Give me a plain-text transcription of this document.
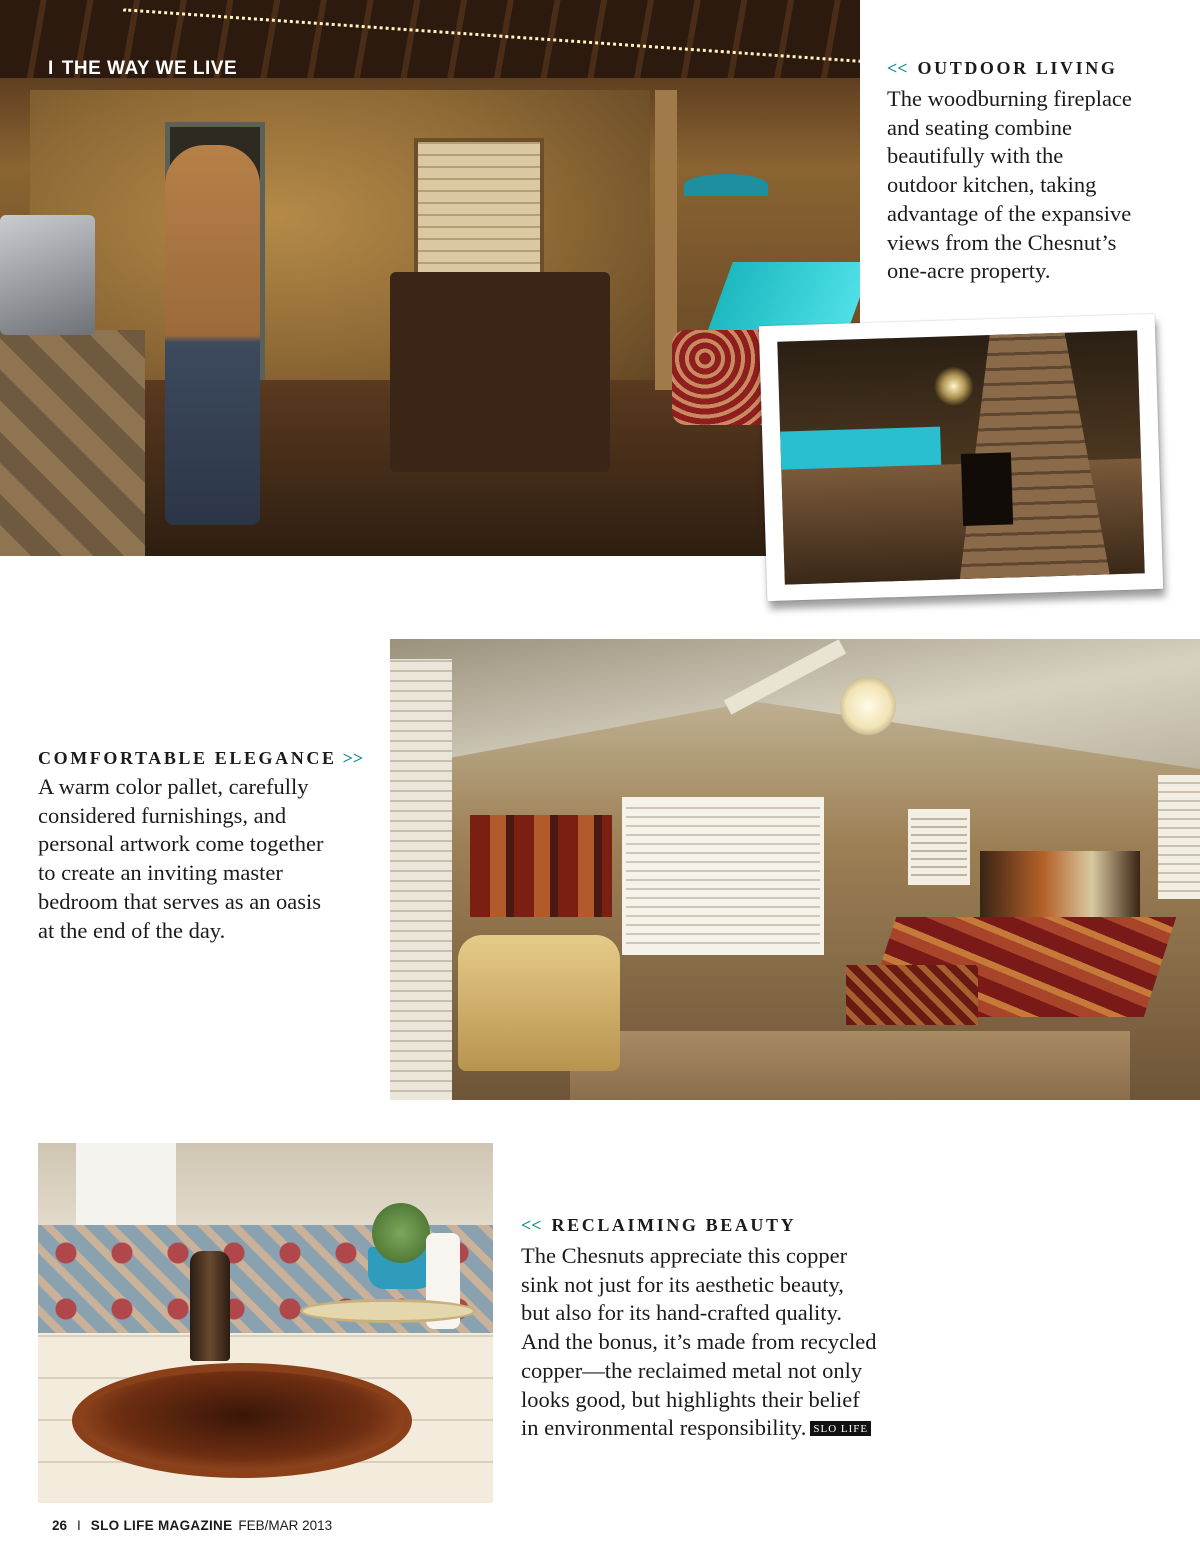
I THE WAY WE LIVE	<< OUTDOOR LIVING
The woodburning fireplace
and seating combine
beautifully with the
outdoor kitchen, taking
advantage of the expansive
views from the Chesnut’s
one-acre property.
COMFORTABLE ELEGANCE >>
A warm color pallet, carefully
considered furnishings, and
personal artwork come together
to create an inviting master
bedroom that serves as an oasis
at the end of the day.
<< RECLAIMING BEAUTY
The Chesnuts appreciate this copper
sink not just for its aesthetic beauty,
but also for its hand-crafted quality.
And the bonus, it’s made from recycled
copper—the reclaimed metal not only
looks good, but highlights their belief
in environmental responsibility. SLO LIFE
26 I SLO LIFE MAGAZINE FEB/MAR 2013
